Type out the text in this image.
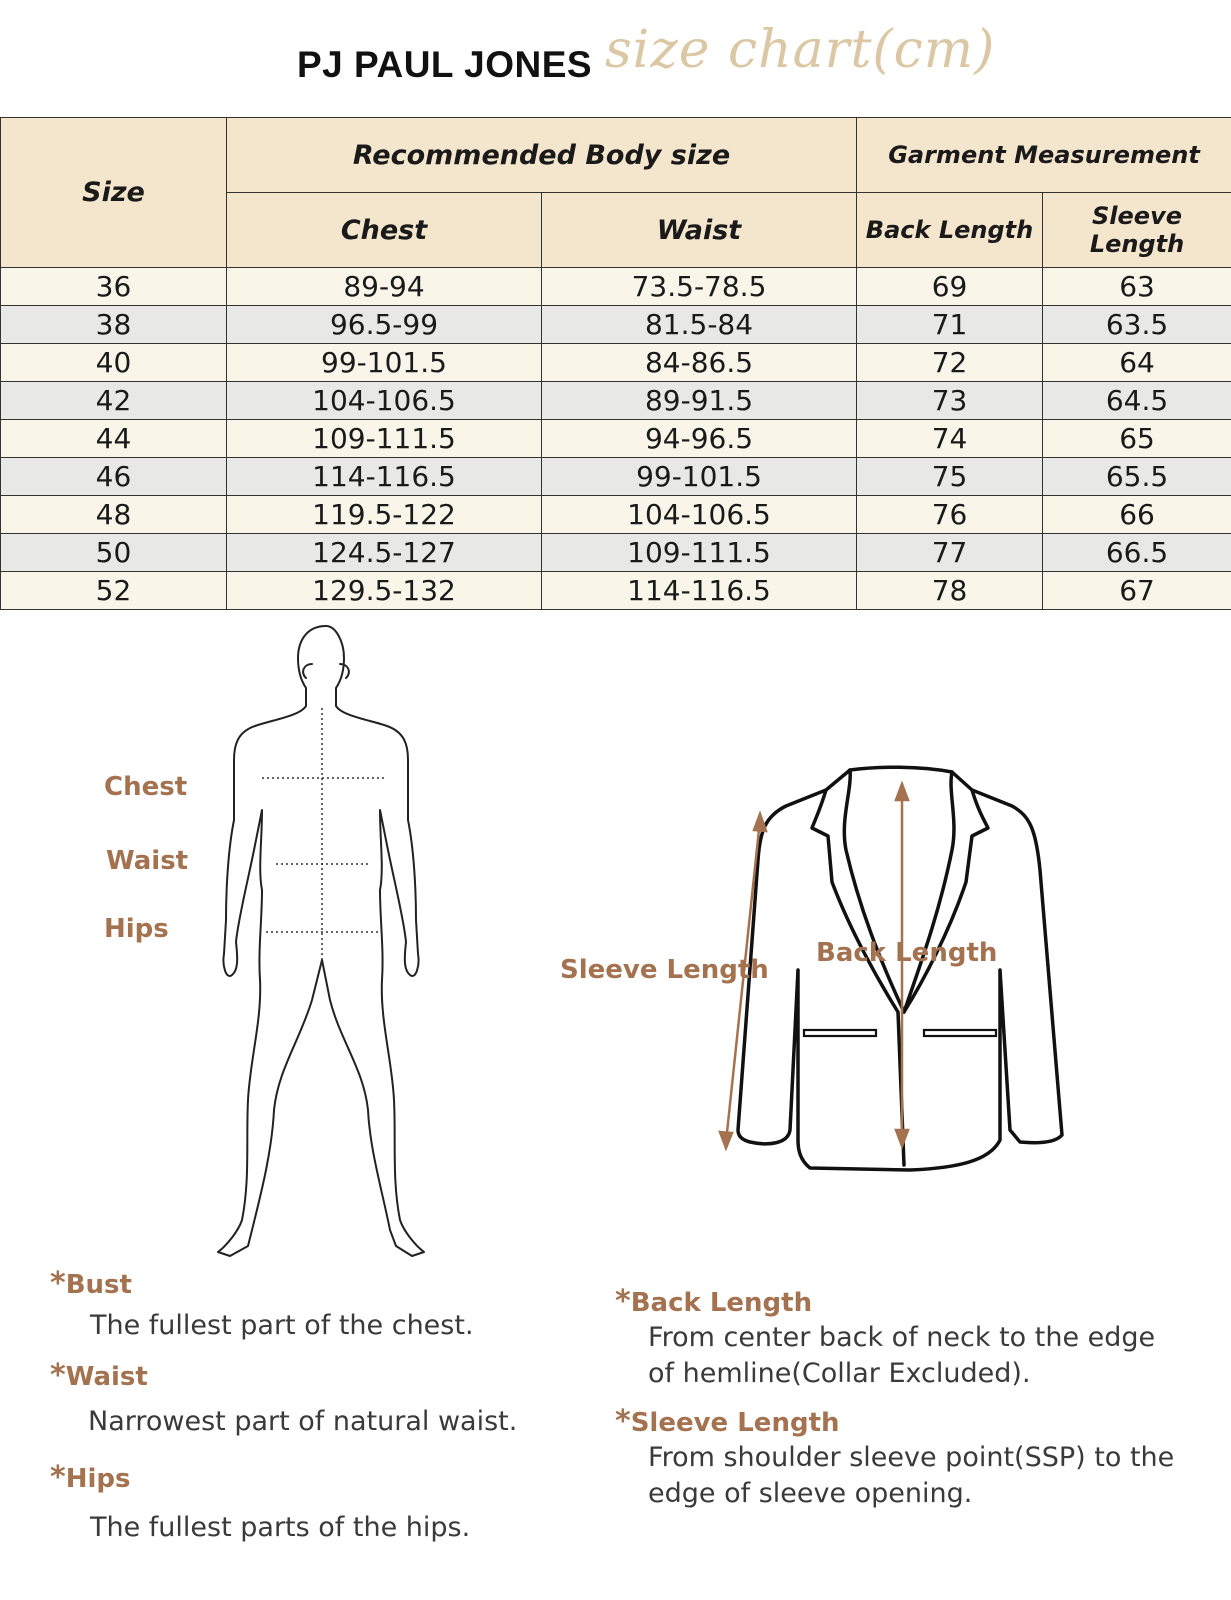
PJ PAUL JONES size chart(cm)
Size	Recommended Body size		Garment Measurement	
	Chest	Waist	Back Length	Sleeve Length
36	89-94	73.5-78.5	69	63
38	96.5-99	81.5-84	71	63.5
40	99-101.5	84-86.5	72	64
42	104-106.5	89-91.5	73	64.5
44	109-111.5	94-96.5	74	65
46	114-116.5	99-101.5	75	65.5
48	119.5-122	104-106.5	76	66
50	124.5-127	109-111.5	77	66.5
52	129.5-132	114-116.5	78	67
Chest
Waist
Hips
Sleeve Length
Back Length
*Bust
The fullest part of the chest.
*Waist
Narrowest part of natural waist.
*Hips
The fullest parts of the hips.
*Back Length
From center back of neck to the edge
of hemline(Collar Excluded).
*Sleeve Length
From shoulder sleeve point(SSP) to the
edge of sleeve opening.
